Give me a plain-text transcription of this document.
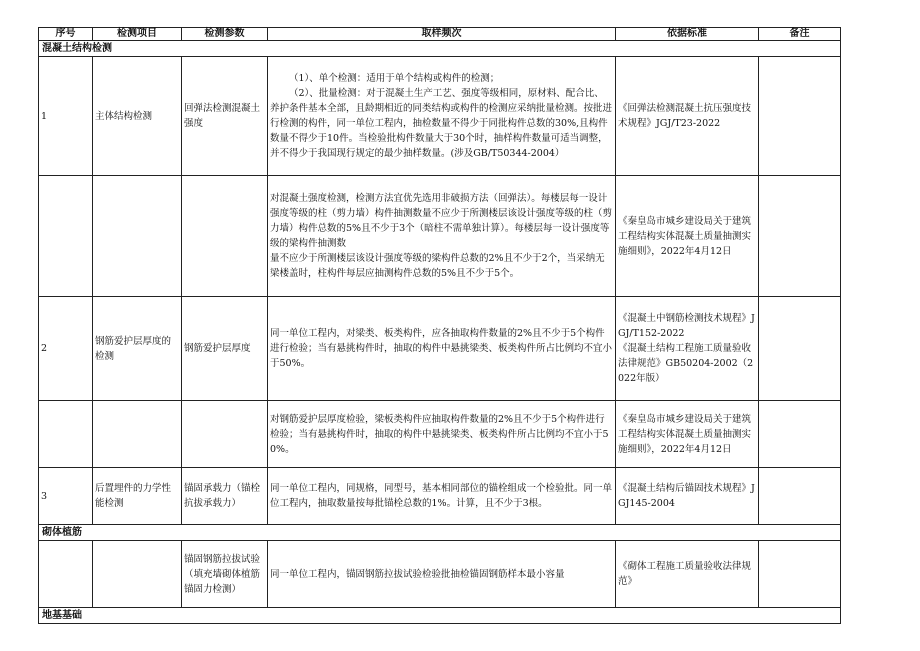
序号	检测项目	检测参数	取样频次	依据标准	备注
混凝土结构检测					
1	主体结构检测	回弹法检测混凝土强度	（1）、单个检测：适用于单个结构或构件的检测；

（2）、批量检测：对于混凝土生产工艺、强度等级相同，原材料、配合比、养护条件基本全部，且龄期相近的同类结构或构件的检测应采纳批量检测。按批进行检测的构件，同一单位工程内，抽检数量不得少于同批构件总数的30%,且构件数量不得少于10件。当检验批构件数量大于30个时，抽样构件数量可适当调整，并不得少于我国现行规定的最少抽样数量。(涉及GB/T50344-2004）	《回弹法检测混凝土抗压强度技术规程》JGJ/T23-2022	

			对混凝土强度检测，检测方法宜优先选用非破损方法（回弹法）。每楼层每一设计强度等级的柱（剪力墙）构件抽测数量不应少于所测楼层该设计强度等级的柱（剪力墙）构件总数的5%且不少于3个（暗柱不需单独计算）。每楼层每一设计强度等级的梁构件抽测数

量不应少于所测楼层该设计强度等级的梁构件总数的2%且不少于2个，当采纳无梁楼盖时，柱构件每层应抽测构件总数的5%且不少于5个。	《秦皇岛市城乡建设局关于建筑工程结构实体混凝土质量抽测实施细则》，2022年4月12日	
2	钢筋爱护层厚度的检测	钢筋爱护层厚度	同一单位工程内，对梁类、板类构件，应各抽取构件数量的2%且不少于5个构件进行检验；当有悬挑构件时，抽取的构件中悬挑梁类、板类构件所占比例均不宜小于50%。	《混凝土中钢筋检测技术规程》JGJ/T152-2022

《混凝土结构工程施工质量验收法律规范》GB50204-2002（2022年版）	

			对钢筋爱护层厚度检验，梁板类构件应抽取构件数量的2%且不少于5个构件进行检验；当有悬挑构件时，抽取的构件中悬挑梁类、板类构件所占比例均不宜小于50%。	《秦皇岛市城乡建设局关于建筑工程结构实体混凝土质量抽测实施细则》，2022年4月12日	
3	后置埋件的力学性能检测	锚固承载力（锚栓抗拔承载力）	同一单位工程内，同规格，同型号，基本相同部位的锚栓组成一个检验批。同一单位工程内，抽取数量按每批锚栓总数的1%。计算，且不少于3根。	《混凝土结构后锚固技术规程》JGJ145-2004	
砌体植筋					
		锚固钢筋拉拔试验（填充墙砌体植筋锚固力检测）	同一单位工程内，锚固钢筋拉拔试验检验批抽检锚固钢筋样本最小容量	《砌体工程施工质量验收法律规范》	
地基基础					
